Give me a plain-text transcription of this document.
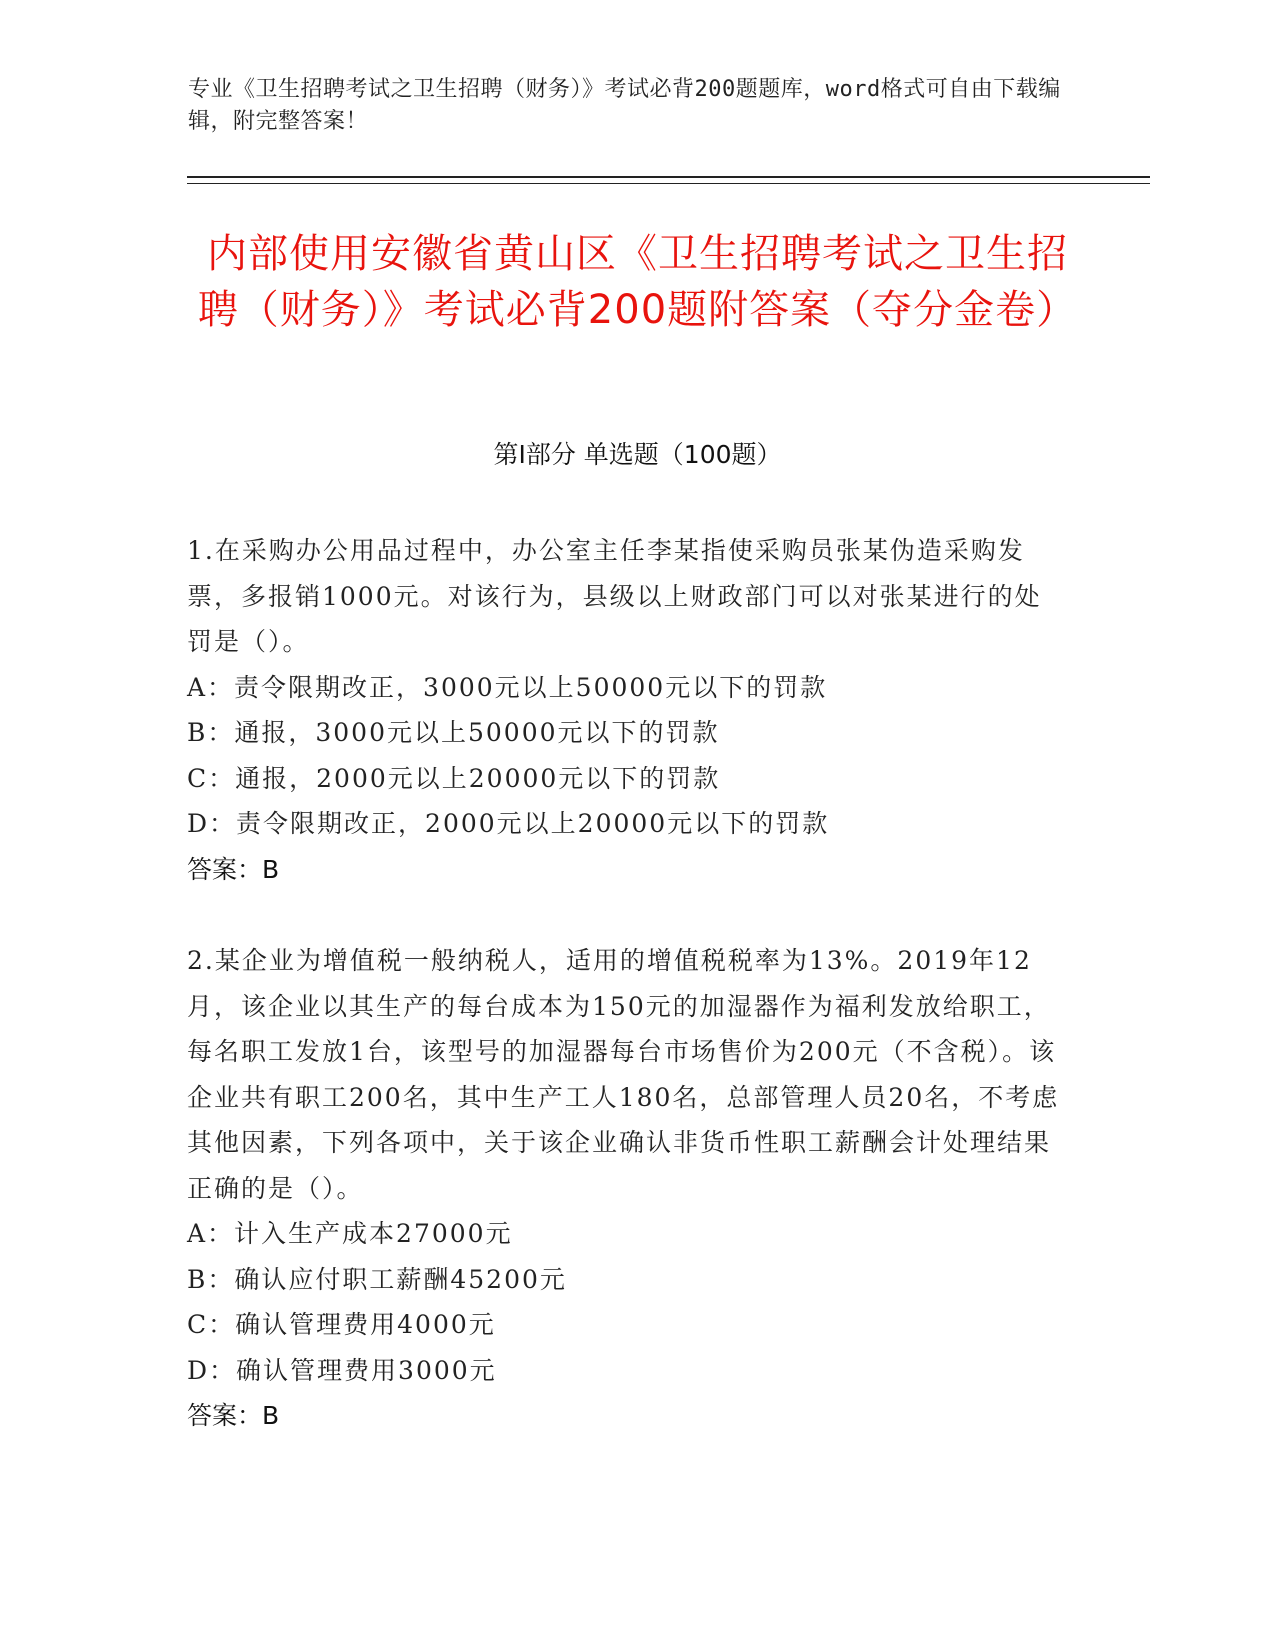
专业《卫生招聘考试之卫生招聘（财务）》考试必背200题题库，word格式可自由下载编辑，附完整答案！
内部使用安徽省黄山区《卫生招聘考试之卫生招聘（财务）》考试必背200题附答案（夺分金卷）
第Ⅰ部分 单选题（100题）

1.在采购办公用品过程中，办公室主任李某指使采购员张某伪造采购发票，多报销1000元。对该行为，县级以上财政部门可以对张某进行的处罚是（）。

A：责令限期改正，3000元以上50000元以下的罚款

B：通报，3000元以上50000元以下的罚款

C：通报，2000元以上20000元以下的罚款

D：责令限期改正，2000元以上20000元以下的罚款

答案：B

2.某企业为增值税一般纳税人，适用的增值税税率为13%。2019年12月，该企业以其生产的每台成本为150元的加湿器作为福利发放给职工，每名职工发放1台，该型号的加湿器每台市场售价为200元（不含税）。该企业共有职工200名，其中生产工人180名，总部管理人员20名，不考虑其他因素，下列各项中，关于该企业确认非货币性职工薪酬会计处理结果正确的是（）。

A：计入生产成本27000元

B：确认应付职工薪酬45200元

C：确认管理费用4000元

D：确认管理费用3000元

答案：B
